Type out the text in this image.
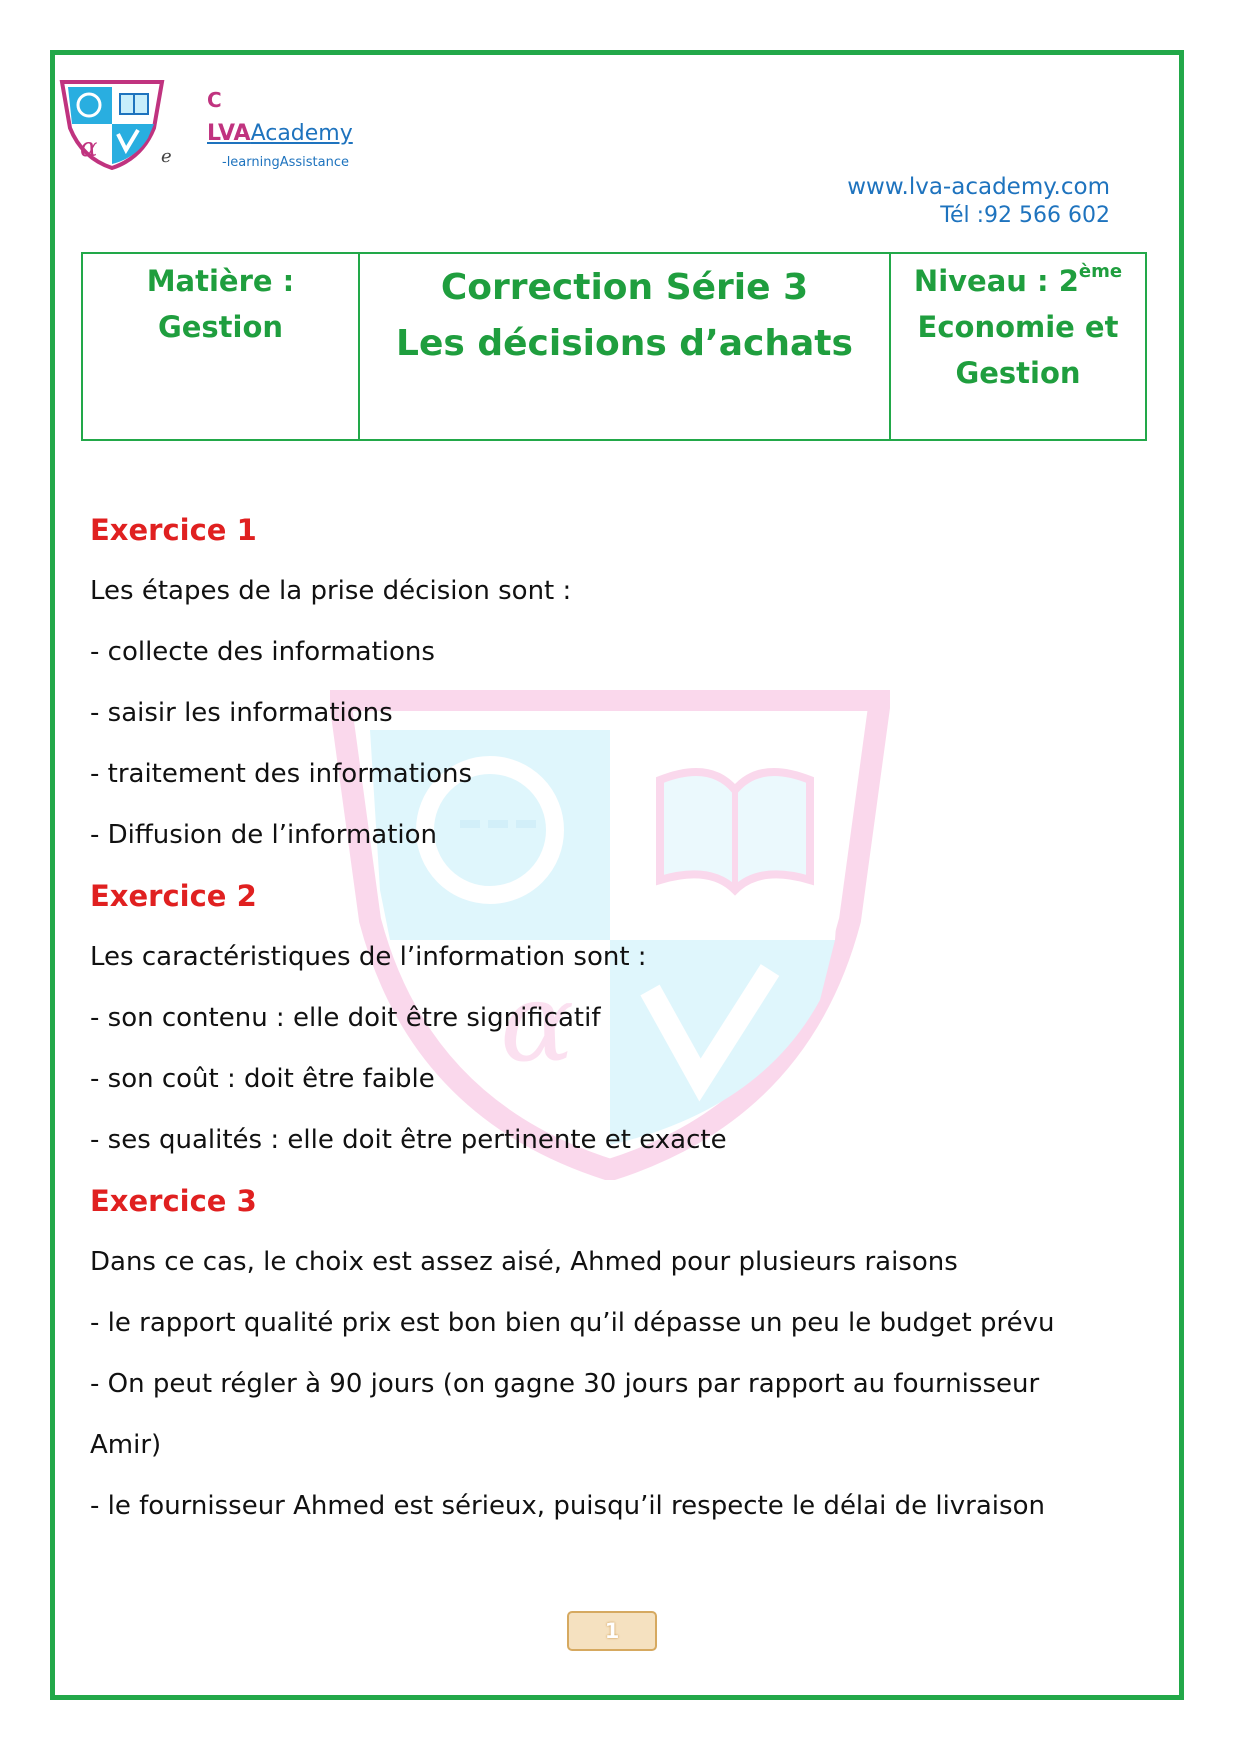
α
α	e
C
LVAAcademy
-learningAssistance
www.lva-academy.com
Tél :92 566 602
Matière :
Gestion
Correction Série 3
Les décisions d’achats
Niveau : 2ème
Economie et
Gestion

Exercice 1

Les étapes de la prise décision sont :

- collecte des informations

- saisir les informations

- traitement des informations

- Diffusion de l’information

Exercice 2

Les caractéristiques de l’information sont :

- son contenu : elle doit être significatif

- son coût : doit être faible

- ses qualités : elle doit être pertinente et exacte

Exercice 3

Dans ce cas, le choix est assez aisé, Ahmed pour plusieurs raisons

- le rapport qualité prix est bon bien qu’il dépasse un peu le budget prévu

- On peut régler à 90 jours (on gagne 30 jours par rapport au fournisseur

Amir)

- le fournisseur Ahmed est sérieux, puisqu’il respecte le délai de livraison

1
